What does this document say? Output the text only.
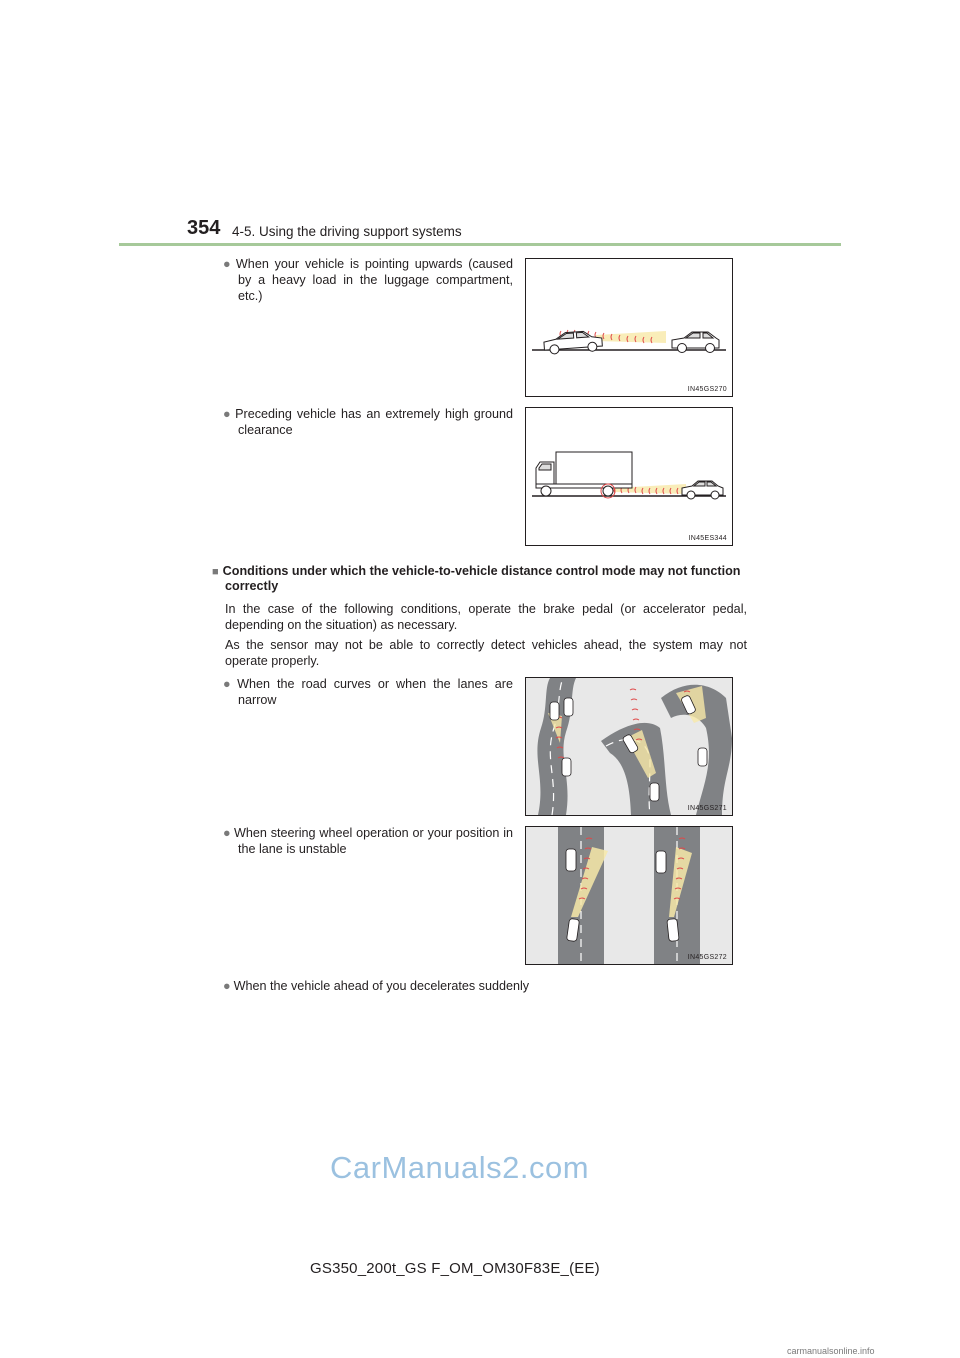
354 4-5. Using the driving support systems
● When your vehicle is pointing upwards (caused by a heavy load in the luggage compartment, etc.)
IN45GS270
● Preceding vehicle has an extremely high ground clearance
IN45ES344
■ Conditions under which the vehicle-to-vehicle distance control mode may not function
correctly
In the case of the following conditions, operate the brake pedal (or accelerator pedal, depending on the situation) as necessary.
As the sensor may not be able to correctly detect vehicles ahead, the system may not operate properly.
● When the road curves or when the lanes are narrow
IN45GS271
● When steering wheel operation or your position in the lane is unstable
IN45GS272
● When the vehicle ahead of you decelerates suddenly
CarManuals2.com
GS350_200t_GS F_OM_OM30F83E_(EE)
carmanualsonline.info
